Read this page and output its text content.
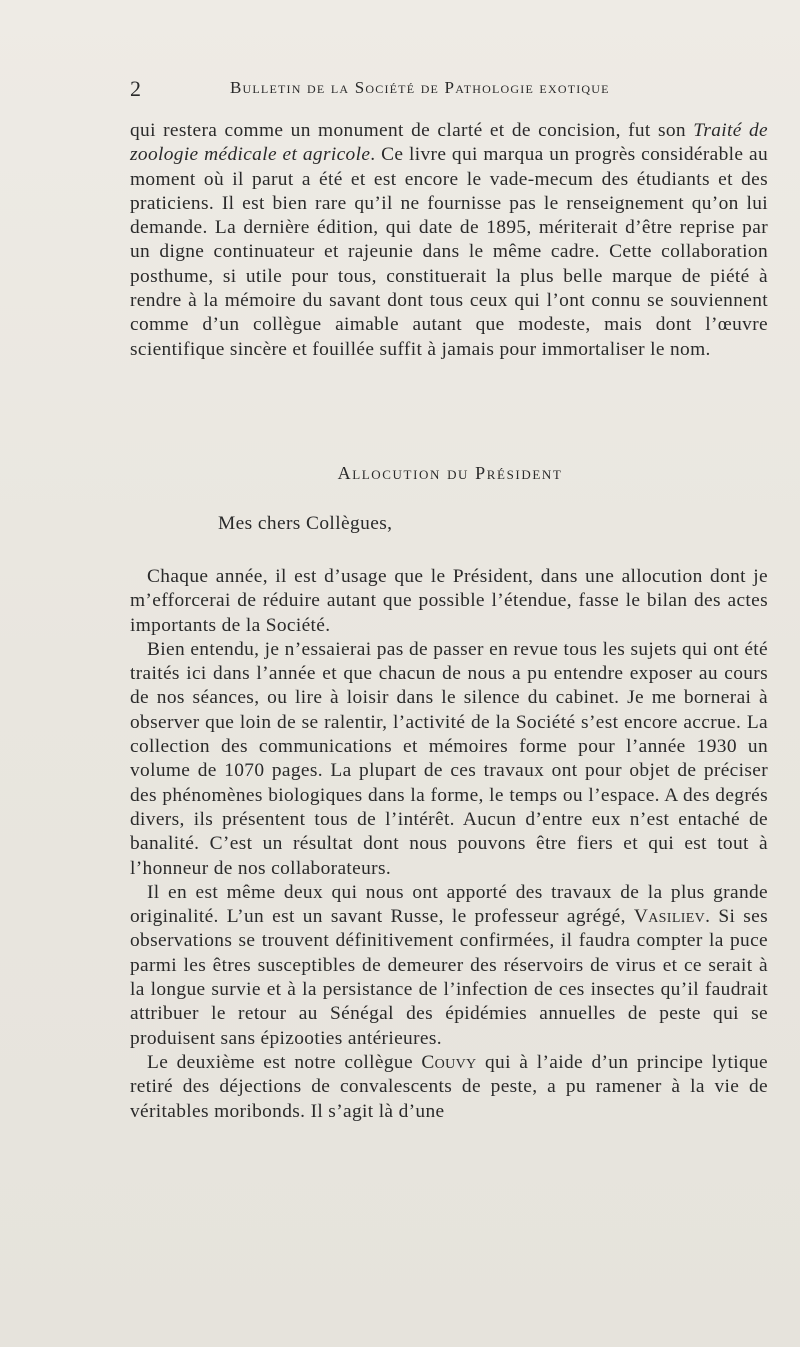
2	Bulletin de la Société de Pathologie exotique

qui restera comme un monument de clarté et de concision, fut son Traité de zoologie médicale et agricole. Ce livre qui marqua un progrès considérable au moment où il parut a été et est encore le vade-mecum des étudiants et des praticiens. Il est bien rare qu’il ne fournisse pas le renseignement qu’on lui demande. La dernière édition, qui date de 1895, mériterait d’être reprise par un digne continuateur et rajeunie dans le même cadre. Cette collaboration posthume, si utile pour tous, constituerait la plus belle marque de piété à rendre à la mémoire du savant dont tous ceux qui l’ont connu se souviennent comme d’un collègue aimable autant que modeste, mais dont l’œuvre scientifique sincère et fouillée suffit à jamais pour immortaliser le nom.

Allocution du Président
Mes chers Collègues,

Chaque année, il est d’usage que le Président, dans une allocution dont je m’efforcerai de réduire autant que possible l’étendue, fasse le bilan des actes importants de la Société.

Bien entendu, je n’essaierai pas de passer en revue tous les sujets qui ont été traités ici dans l’année et que chacun de nous a pu entendre exposer au cours de nos séances, ou lire à loisir dans le silence du cabinet. Je me bornerai à observer que loin de se ralentir, l’activité de la Société s’est encore accrue. La collection des communications et mémoires forme pour l’année 1930 un volume de 1070 pages. La plupart de ces travaux ont pour objet de préciser des phénomènes biologiques dans la forme, le temps ou l’espace. A des degrés divers, ils présentent tous de l’intérêt. Aucun d’entre eux n’est entaché de banalité. C’est un résultat dont nous pouvons être fiers et qui est tout à l’honneur de nos collaborateurs.

Il en est même deux qui nous ont apporté des travaux de la plus grande originalité. L’un est un savant Russe, le professeur agrégé, Vasiliev. Si ses observations se trouvent définitivement confirmées, il faudra compter la puce parmi les êtres susceptibles de demeurer des réservoirs de virus et ce serait à la longue survie et à la persistance de l’infection de ces insectes qu’il faudrait attribuer le retour au Sénégal des épidémies annuelles de peste qui se produisent sans épizooties antérieures.

Le deuxième est notre collègue Couvy qui à l’aide d’un principe lytique retiré des déjections de convalescents de peste, a pu ramener à la vie de véritables moribonds. Il s’agit là d’une
